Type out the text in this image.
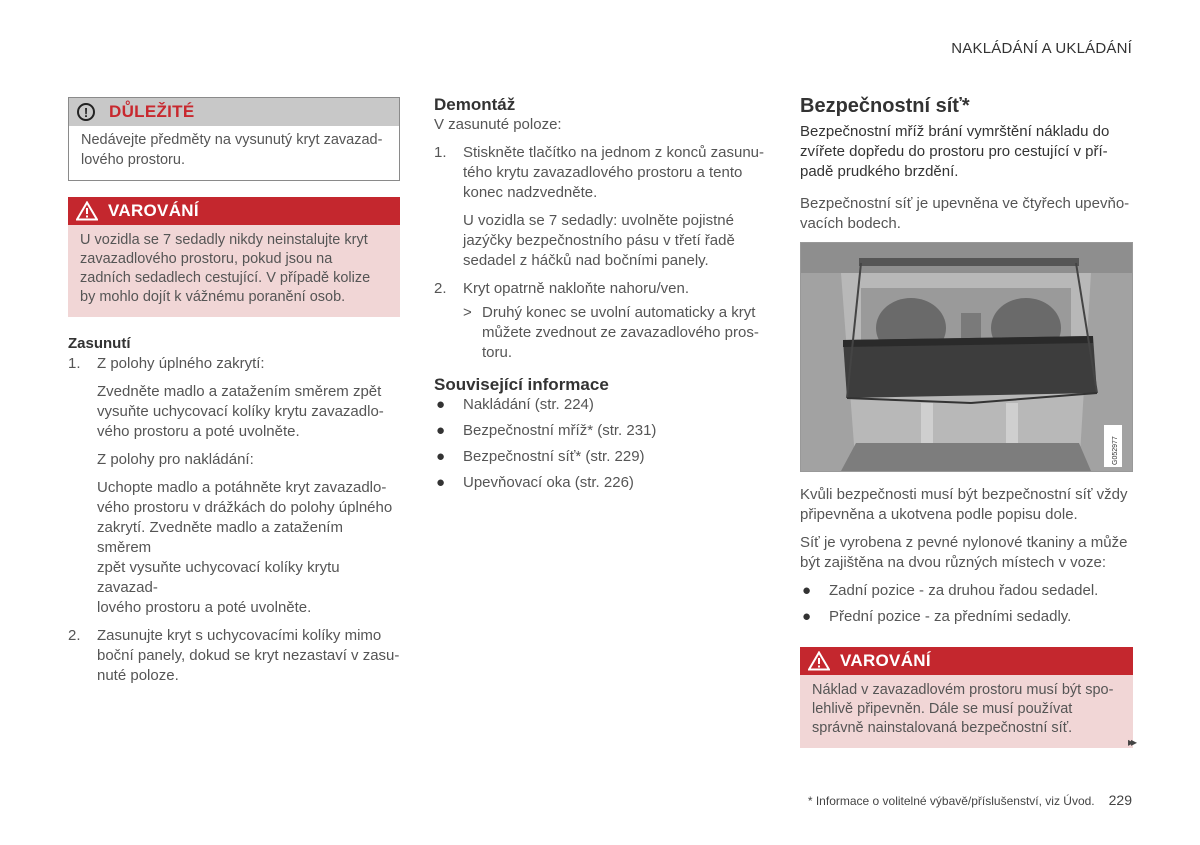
NAKLÁDÁNÍ A UKLÁDÁNÍ
!	DŮLEŽITÉ
Nedávejte předměty na vysunutý kryt zavazad-
lového prostoru.
VAROVÁNÍ
U vozidla se 7 sedadly nikdy neinstalujte kryt
zavazadlového prostoru, pokud jsou na
zadních sedadlech cestující. V případě kolize
by mohlo dojít k vážnému poranění osob.
Zasunutí
1. Z polohy úplného zakrytí:
Zvedněte madlo a zatažením směrem zpět
vysuňte uchycovací kolíky krytu zavazadlo-
vého prostoru a poté uvolněte.
Z polohy pro nakládání:
Uchopte madlo a potáhněte kryt zavazadlo-
vého prostoru v drážkách do polohy úplného
zakrytí. Zvedněte madlo a zatažením směrem
zpět vysuňte uchycovací kolíky krytu zavazad-
lového prostoru a poté uvolněte.
2. Zasunujte kryt s uchycovacími kolíky mimo
boční panely, dokud se kryt nezastaví v zasu-
nuté poloze.
Demontáž
V zasunuté poloze:
1. Stiskněte tlačítko na jednom z konců zasunu-
tého krytu zavazadlového prostoru a tento
konec nadzvedněte.
U vozidla se 7 sedadly: uvolněte pojistné
jazýčky bezpečnostního pásu v třetí řadě
sedadel z háčků nad bočními panely.
2. Kryt opatrně nakloňte nahoru/ven.
> Druhý konec se uvolní automaticky a kryt
můžete zvednout ze zavazadlového pros-
toru.
Související informace
● Nakládání (str. 224)
● Bezpečnostní mříž* (str. 231)
● Bezpečnostní síť* (str. 229)
● Upevňovací oka (str. 226)
Bezpečnostní síť*
Bezpečnostní mříž brání vymrštění nákladu do
zvířete dopředu do prostoru pro cestující v pří-
padě prudkého brzdění.
Bezpečnostní síť je upevněna ve čtyřech upevňo-
vacích bodech.
G052977
Kvůli bezpečnosti musí být bezpečnostní síť vždy
připevněna a ukotvena podle popisu dole.
Síť je vyrobena z pevné nylonové tkaniny a může
být zajištěna na dvou různých místech v voze:
● Zadní pozice - za druhou řadou sedadel.
● Přední pozice - za předními sedadly.
VAROVÁNÍ
Náklad v zavazadlovém prostoru musí být spo-
lehlivě připevněn. Dále se musí používat
správně nainstalovaná bezpečnostní síť.
▸▸
* Informace o volitelné výbavě/příslušenství, viz Úvod. 229
